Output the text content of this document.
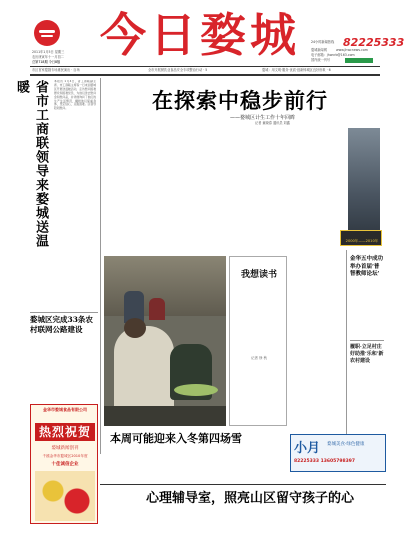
2011年1月5日 星期三
农历庚寅年十一月初二
总第718期 今日8版 今日婺城	24小时新闻热线 82225333
婺城新闻网	www.jhwcnews.com
电子邮箱：jhwcrb@163.com
国内统一刊号
市区首家婺剧专场惠民演出 · 百场	全市开展餐饮业食品安全专项整治行动 · 5	婺城：用文明·服务·优质·创新铸城区良好形象 · 6
省市工商联领导来婺城送温暖	本报讯 1月4日，省工商联副主席、市工商联主席等一行来到婺城区开展送温暖活动，走访慰问困难群众和困难党员，为他们送去慰问金和慰问品，并详细询问了他们的生产生活情况，嘱咐他们保重身体，坚定信心，克服困难。区领导陪同慰问。
婺城区完成33条农村联网公路建设
金华市婺城食品有限公司
热烈祝贺
婺城新闻创刊
千禧金华市婺城区2010年度
十佳诚信企业
在探索中稳步前行
——婺城区计生工作十年回眸
记者 童晓春 通讯员 刘鑫
2000年——2010年
本周可能迎来入冬第四场雪
我想读书
记者 徐 秋
金华五中成功举办首届‘普智教师论坛’
履职·立足村庄好助推‘乐和’新农村建设
小月 婺城美食·绿色健康
82225333 13605798397
心理辅导室，照亮山区留守孩子的心
